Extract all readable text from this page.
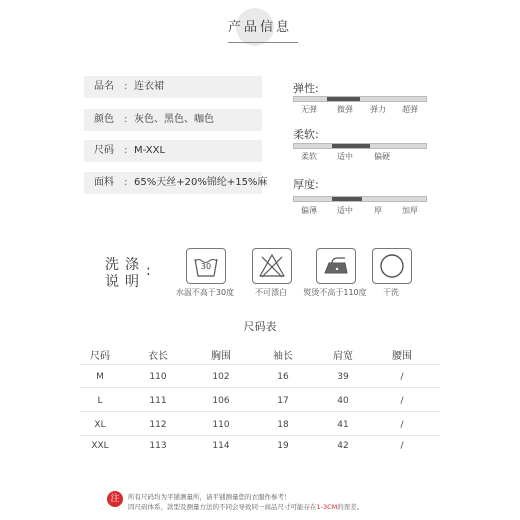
产品信息
品名 : 连衣裙
颜色 : 灰色、黑色、咖色
尺码 : M-XXL
面料 : 65%天丝+20%锦纶+15%麻
弹性:
无弹	微弹	弹力	超弹
柔软:
柔软	适中	偏硬
厚度:
偏薄	适中	厚	加厚
洗涤
说明
:	30
水温不高于30度	不可漂白	熨烫不高于110度	干洗
尺码表
尺码	衣长	胸围	袖长	肩宽	腰围
M	110	102	16	39	/
L	111	106	17	40	/
XL	112	110	18	41	/
XXL	113	114	19	42	/
注	所有尺码均为平铺测量所，请平铺测量您的衣服作参考！
因尺码体系，款型及测量方法的不同会导致同一商品尺寸可能存在1-3CM的误差。
